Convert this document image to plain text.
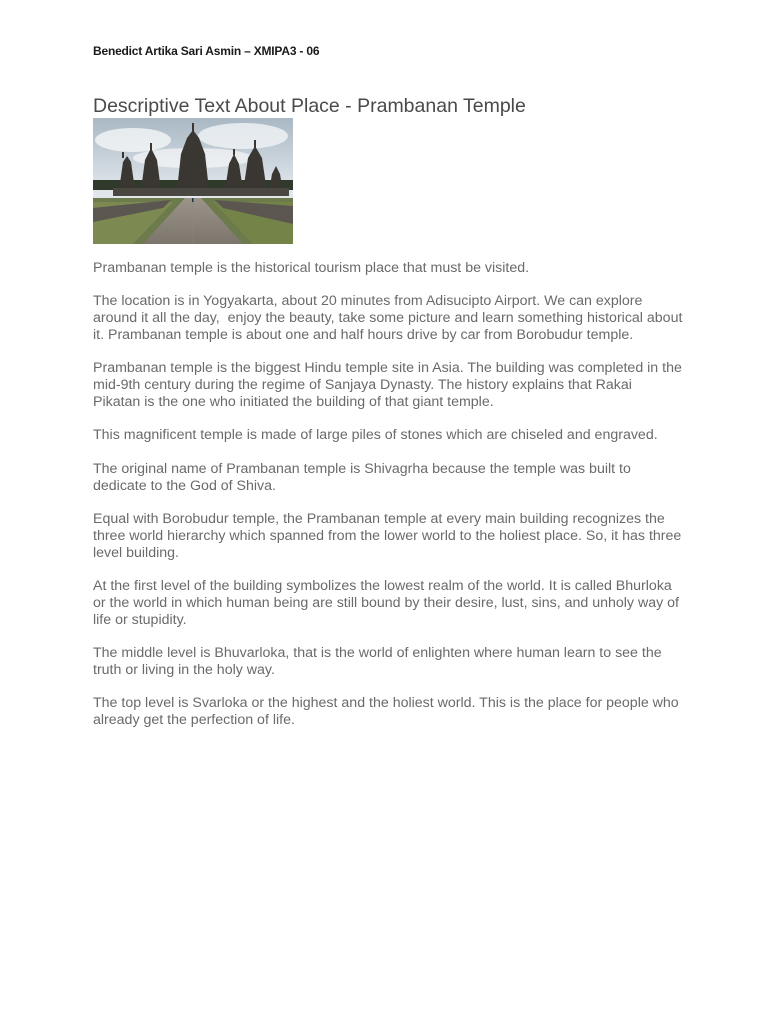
Benedict Artika Sari Asmin – XMIPA3 - 06
Descriptive Text About Place - Prambanan Temple

Prambanan temple is the historical tourism place that must be visited.

The location is in Yogyakarta, about 20 minutes from Adisucipto Airport. We can explore around it all the day,  enjoy the beauty, take some picture and learn something historical about it. Prambanan temple is about one and half hours drive by car from Borobudur temple.

Prambanan temple is the biggest Hindu temple site in Asia. The building was completed in the mid-9th century during the regime of Sanjaya Dynasty. The history explains that Rakai Pikatan is the one who initiated the building of that giant temple.

This magnificent temple is made of large piles of stones which are chiseled and engraved.

The original name of Prambanan temple is Shivagrha because the temple was built to dedicate to the God of Shiva.

Equal with Borobudur temple, the Prambanan temple at every main building recognizes the three world hierarchy which spanned from the lower world to the holiest place. So, it has three level building.

At the first level of the building symbolizes the lowest realm of the world. It is called Bhurloka or the world in which human being are still bound by their desire, lust, sins, and unholy way of life or stupidity.

The middle level is Bhuvarloka, that is the world of enlighten where human learn to see the truth or living in the holy way.

The top level is Svarloka or the highest and the holiest world. This is the place for people who already get the perfection of life.
